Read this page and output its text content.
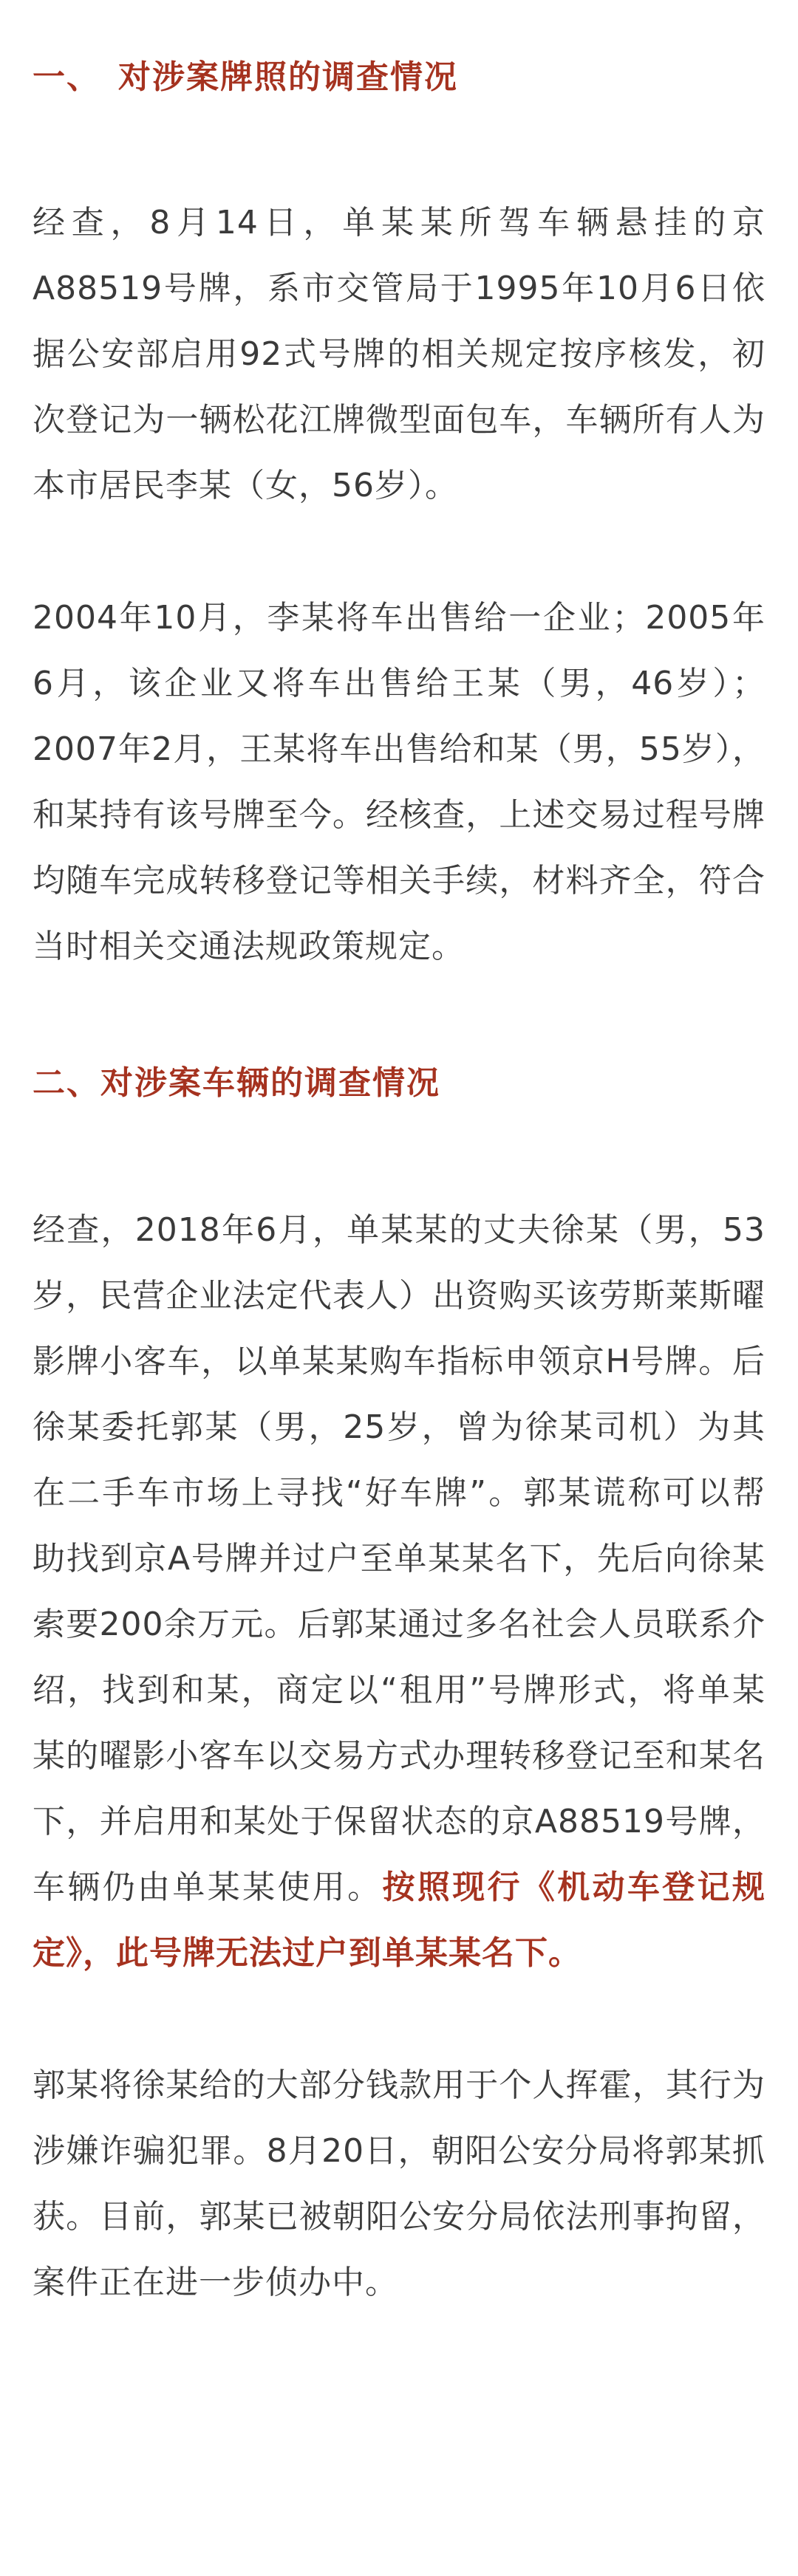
一、　对涉案牌照的调查情况

经查，8月14日，单某某所驾车辆悬挂的京A88519号牌，系市交管局于1995年10月6日依据公安部启用92式号牌的相关规定按序核发，初次登记为一辆松花江牌微型面包车，车辆所有人为本市居民李某（女，56岁）。

2004年10月，李某将车出售给一企业；2005年6月，该企业又将车出售给王某（男，46岁）；2007年2月，王某将车出售给和某（男，55岁），和某持有该号牌至今。经核查，上述交易过程号牌均随车完成转移登记等相关手续，材料齐全，符合当时相关交通法规政策规定。

二、对涉案车辆的调查情况

经查，2018年6月，单某某的丈夫徐某（男，53岁，民营企业法定代表人）出资购买该劳斯莱斯曜影牌小客车，以单某某购车指标申领京H号牌。后徐某委托郭某（男，25岁，曾为徐某司机）为其在二手车市场上寻找“好车牌”。郭某谎称可以帮助找到京A号牌并过户至单某某名下，先后向徐某索要200余万元。后郭某通过多名社会人员联系介绍，找到和某，商定以“租用”号牌形式，将单某某的曜影小客车以交易方式办理转移登记至和某名下，并启用和某处于保留状态的京A88519号牌，车辆仍由单某某使用。按照现行《机动车登记规定》，此号牌无法过户到单某某名下。

郭某将徐某给的大部分钱款用于个人挥霍，其行为涉嫌诈骗犯罪。8月20日，朝阳公安分局将郭某抓获。目前，郭某已被朝阳公安分局依法刑事拘留，案件正在进一步侦办中。
